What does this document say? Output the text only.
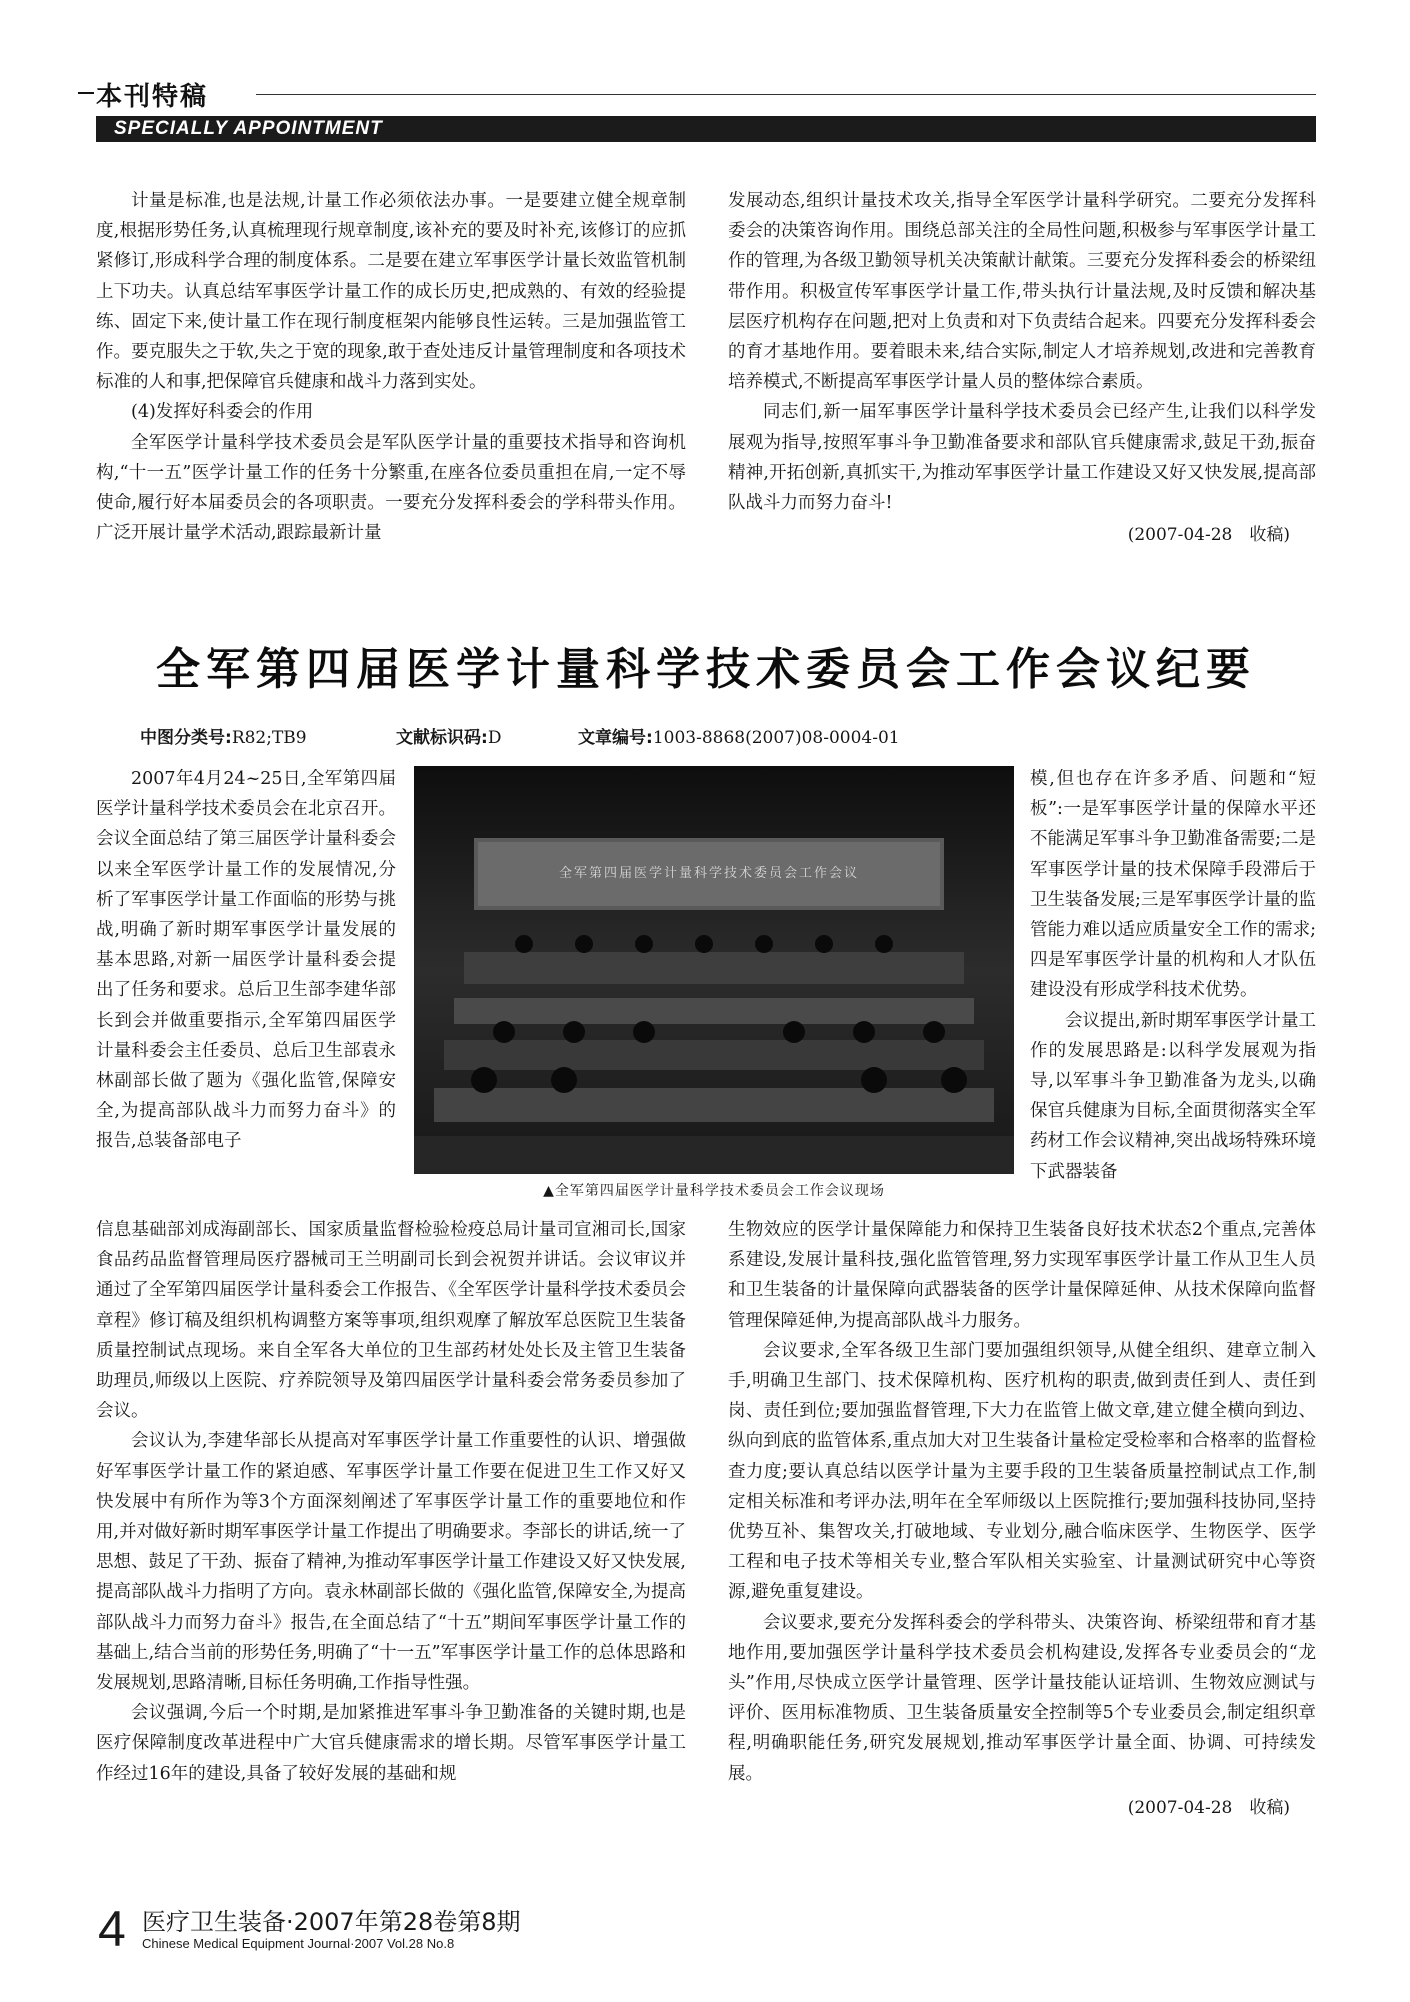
本刊特稿
SPECIALLY APPOINTMENT

计量是标准,也是法规,计量工作必须依法办事。一是要建立健全规章制度,根据形势任务,认真梳理现行规章制度,该补充的要及时补充,该修订的应抓紧修订,形成科学合理的制度体系。二是要在建立军事医学计量长效监管机制上下功夫。认真总结军事医学计量工作的成长历史,把成熟的、有效的经验提练、固定下来,使计量工作在现行制度框架内能够良性运转。三是加强监管工作。要克服失之于软,失之于宽的现象,敢于查处违反计量管理制度和各项技术标准的人和事,把保障官兵健康和战斗力落到实处。

(4)发挥好科委会的作用

全军医学计量科学技术委员会是军队医学计量的重要技术指导和咨询机构,“十一五”医学计量工作的任务十分繁重,在座各位委员重担在肩,一定不辱使命,履行好本届委员会的各项职责。一要充分发挥科委会的学科带头作用。广泛开展计量学术活动,跟踪最新计量

发展动态,组织计量技术攻关,指导全军医学计量科学研究。二要充分发挥科委会的决策咨询作用。围绕总部关注的全局性问题,积极参与军事医学计量工作的管理,为各级卫勤领导机关决策献计献策。三要充分发挥科委会的桥梁纽带作用。积极宣传军事医学计量工作,带头执行计量法规,及时反馈和解决基层医疗机构存在问题,把对上负责和对下负责结合起来。四要充分发挥科委会的育才基地作用。要着眼未来,结合实际,制定人才培养规划,改进和完善教育培养模式,不断提高军事医学计量人员的整体综合素质。

同志们,新一届军事医学计量科学技术委员会已经产生,让我们以科学发展观为指导,按照军事斗争卫勤准备要求和部队官兵健康需求,鼓足干劲,振奋精神,开拓创新,真抓实干,为推动军事医学计量工作建设又好又快发展,提高部队战斗力而努力奋斗!

(2007-04-28　收稿)
全军第四届医学计量科学技术委员会工作会议纪要
中图分类号:R82;TB9	文献标识码:D	文章编号:1003-8868(2007)08-0004-01

2007年4月24~25日,全军第四届医学计量科学技术委员会在北京召开。会议全面总结了第三届医学计量科委会以来全军医学计量工作的发展情况,分析了军事医学计量工作面临的形势与挑战,明确了新时期军事医学计量发展的基本思路,对新一届医学计量科委会提出了任务和要求。总后卫生部李建华部长到会并做重要指示,全军第四届医学计量科委会主任委员、总后卫生部袁永林副部长做了题为《强化监管,保障安全,为提高部队战斗力而努力奋斗》的报告,总装备部电子

全军第四届医学计量科学技术委员会工作会议
▲全军第四届医学计量科学技术委员会工作会议现场

模,但也存在许多矛盾、问题和“短板”:一是军事医学计量的保障水平还不能满足军事斗争卫勤准备需要;二是军事医学计量的技术保障手段滞后于卫生装备发展;三是军事医学计量的监管能力难以适应质量安全工作的需求;四是军事医学计量的机构和人才队伍建设没有形成学科技术优势。

会议提出,新时期军事医学计量工作的发展思路是:以科学发展观为指导,以军事斗争卫勤准备为龙头,以确保官兵健康为目标,全面贯彻落实全军药材工作会议精神,突出战场特殊环境下武器装备

信息基础部刘成海副部长、国家质量监督检验检疫总局计量司宣湘司长,国家食品药品监督管理局医疗器械司王兰明副司长到会祝贺并讲话。会议审议并通过了全军第四届医学计量科委会工作报告、《全军医学计量科学技术委员会章程》修订稿及组织机构调整方案等事项,组织观摩了解放军总医院卫生装备质量控制试点现场。来自全军各大单位的卫生部药材处处长及主管卫生装备助理员,师级以上医院、疗养院领导及第四届医学计量科委会常务委员参加了会议。

会议认为,李建华部长从提高对军事医学计量工作重要性的认识、增强做好军事医学计量工作的紧迫感、军事医学计量工作要在促进卫生工作又好又快发展中有所作为等3个方面深刻阐述了军事医学计量工作的重要地位和作用,并对做好新时期军事医学计量工作提出了明确要求。李部长的讲话,统一了思想、鼓足了干劲、振奋了精神,为推动军事医学计量工作建设又好又快发展,提高部队战斗力指明了方向。袁永林副部长做的《强化监管,保障安全,为提高部队战斗力而努力奋斗》报告,在全面总结了“十五”期间军事医学计量工作的基础上,结合当前的形势任务,明确了“十一五”军事医学计量工作的总体思路和发展规划,思路清晰,目标任务明确,工作指导性强。

会议强调,今后一个时期,是加紧推进军事斗争卫勤准备的关键时期,也是医疗保障制度改革进程中广大官兵健康需求的增长期。尽管军事医学计量工作经过16年的建设,具备了较好发展的基础和规

生物效应的医学计量保障能力和保持卫生装备良好技术状态2个重点,完善体系建设,发展计量科技,强化监管管理,努力实现军事医学计量工作从卫生人员和卫生装备的计量保障向武器装备的医学计量保障延伸、从技术保障向监督管理保障延伸,为提高部队战斗力服务。

会议要求,全军各级卫生部门要加强组织领导,从健全组织、建章立制入手,明确卫生部门、技术保障机构、医疗机构的职责,做到责任到人、责任到岗、责任到位;要加强监督管理,下大力在监管上做文章,建立健全横向到边、纵向到底的监管体系,重点加大对卫生装备计量检定受检率和合格率的监督检查力度;要认真总结以医学计量为主要手段的卫生装备质量控制试点工作,制定相关标准和考评办法,明年在全军师级以上医院推行;要加强科技协同,坚持优势互补、集智攻关,打破地域、专业划分,融合临床医学、生物医学、医学工程和电子技术等相关专业,整合军队相关实验室、计量测试研究中心等资源,避免重复建设。

会议要求,要充分发挥科委会的学科带头、决策咨询、桥梁纽带和育才基地作用,要加强医学计量科学技术委员会机构建设,发挥各专业委员会的“龙头”作用,尽快成立医学计量管理、医学计量技能认证培训、生物效应测试与评价、医用标准物质、卫生装备质量安全控制等5个专业委员会,制定组织章程,明确职能任务,研究发展规划,推动军事医学计量全面、协调、可持续发展。

(2007-04-28　收稿)
4 医疗卫生装备·2007年第28卷第8期
Chinese Medical Equipment Journal·2007 Vol.28 No.8
